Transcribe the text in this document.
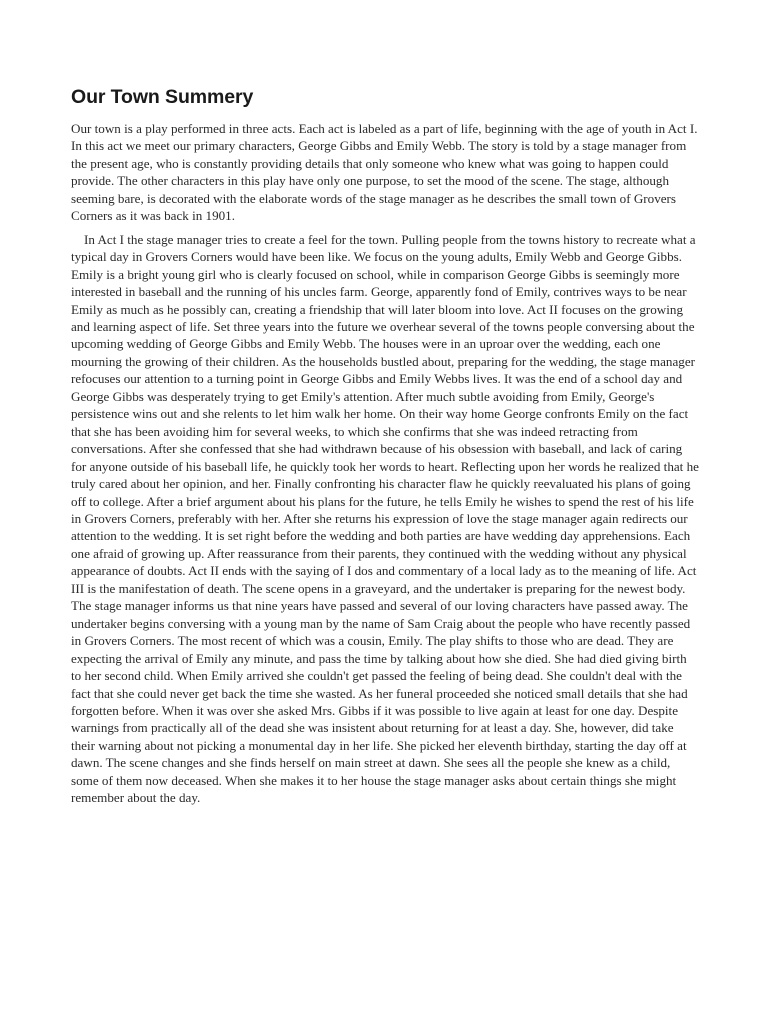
Our Town Summery

Our town is a play performed in three acts. Each act is labeled as a part of life, beginning with the age of youth in Act I. In this act we meet our primary characters, George Gibbs and Emily Webb. The story is told by a stage manager from the present age, who is constantly providing details that only someone who knew what was going to happen could provide. The other characters in this play have only one purpose, to set the mood of the scene. The stage, although seeming bare, is decorated with the elaborate words of the stage manager as he describes the small town of Grovers Corners as it was back in 1901.

In Act I the stage manager tries to create a feel for the town. Pulling people from the towns history to recreate what a typical day in Grovers Corners would have been like. We focus on the young adults, Emily Webb and George Gibbs. Emily is a bright young girl who is clearly focused on school, while in comparison George Gibbs is seemingly more interested in baseball and the running of his uncles farm. George, apparently fond of Emily, contrives ways to be near Emily as much as he possibly can, creating a friendship that will later bloom into love. Act II focuses on the growing and learning aspect of life. Set three years into the future we overhear several of the towns people conversing about the upcoming wedding of George Gibbs and Emily Webb. The houses were in an uproar over the wedding, each one mourning the growing of their children. As the households bustled about, preparing for the wedding, the stage manager refocuses our attention to a turning point in George Gibbs and Emily Webbs lives. It was the end of a school day and George Gibbs was desperately trying to get Emily's attention. After much subtle avoiding from Emily, George's persistence wins out and she relents to let him walk her home. On their way home George confronts Emily on the fact that she has been avoiding him for several weeks, to which she confirms that she was indeed retracting from conversations. After she confessed that she had withdrawn because of his obsession with baseball, and lack of caring for anyone outside of his baseball life, he quickly took her words to heart. Reflecting upon her words he realized that he truly cared about her opinion, and her. Finally confronting his character flaw he quickly reevaluated his plans of going off to college. After a brief argument about his plans for the future, he tells Emily he wishes to spend the rest of his life in Grovers Corners, preferably with her. After she returns his expression of love the stage manager again redirects our attention to the wedding. It is set right before the wedding and both parties are have wedding day apprehensions. Each one afraid of growing up. After reassurance from their parents, they continued with the wedding without any physical appearance of doubts. Act II ends with the saying of I dos and commentary of a local lady as to the meaning of life. Act III is the manifestation of death. The scene opens in a graveyard, and the undertaker is preparing for the newest body. The stage manager informs us that nine years have passed and several of our loving characters have passed away. The undertaker begins conversing with a young man by the name of Sam Craig about the people who have recently passed in Grovers Corners. The most recent of which was a cousin, Emily. The play shifts to those who are dead. They are expecting the arrival of Emily any minute, and pass the time by talking about how she died. She had died giving birth to her second child. When Emily arrived she couldn't get passed the feeling of being dead. She couldn't deal with the fact that she could never get back the time she wasted. As her funeral proceeded she noticed small details that she had forgotten before. When it was over she asked Mrs. Gibbs if it was possible to live again at least for one day. Despite warnings from practically all of the dead she was insistent about returning for at least a day. She, however, did take their warning about not picking a monumental day in her life. She picked her eleventh birthday, starting the day off at dawn. The scene changes and she finds herself on main street at dawn. She sees all the people she knew as a child, some of them now deceased. When she makes it to her house the stage manager asks about certain things she might remember about the day.
